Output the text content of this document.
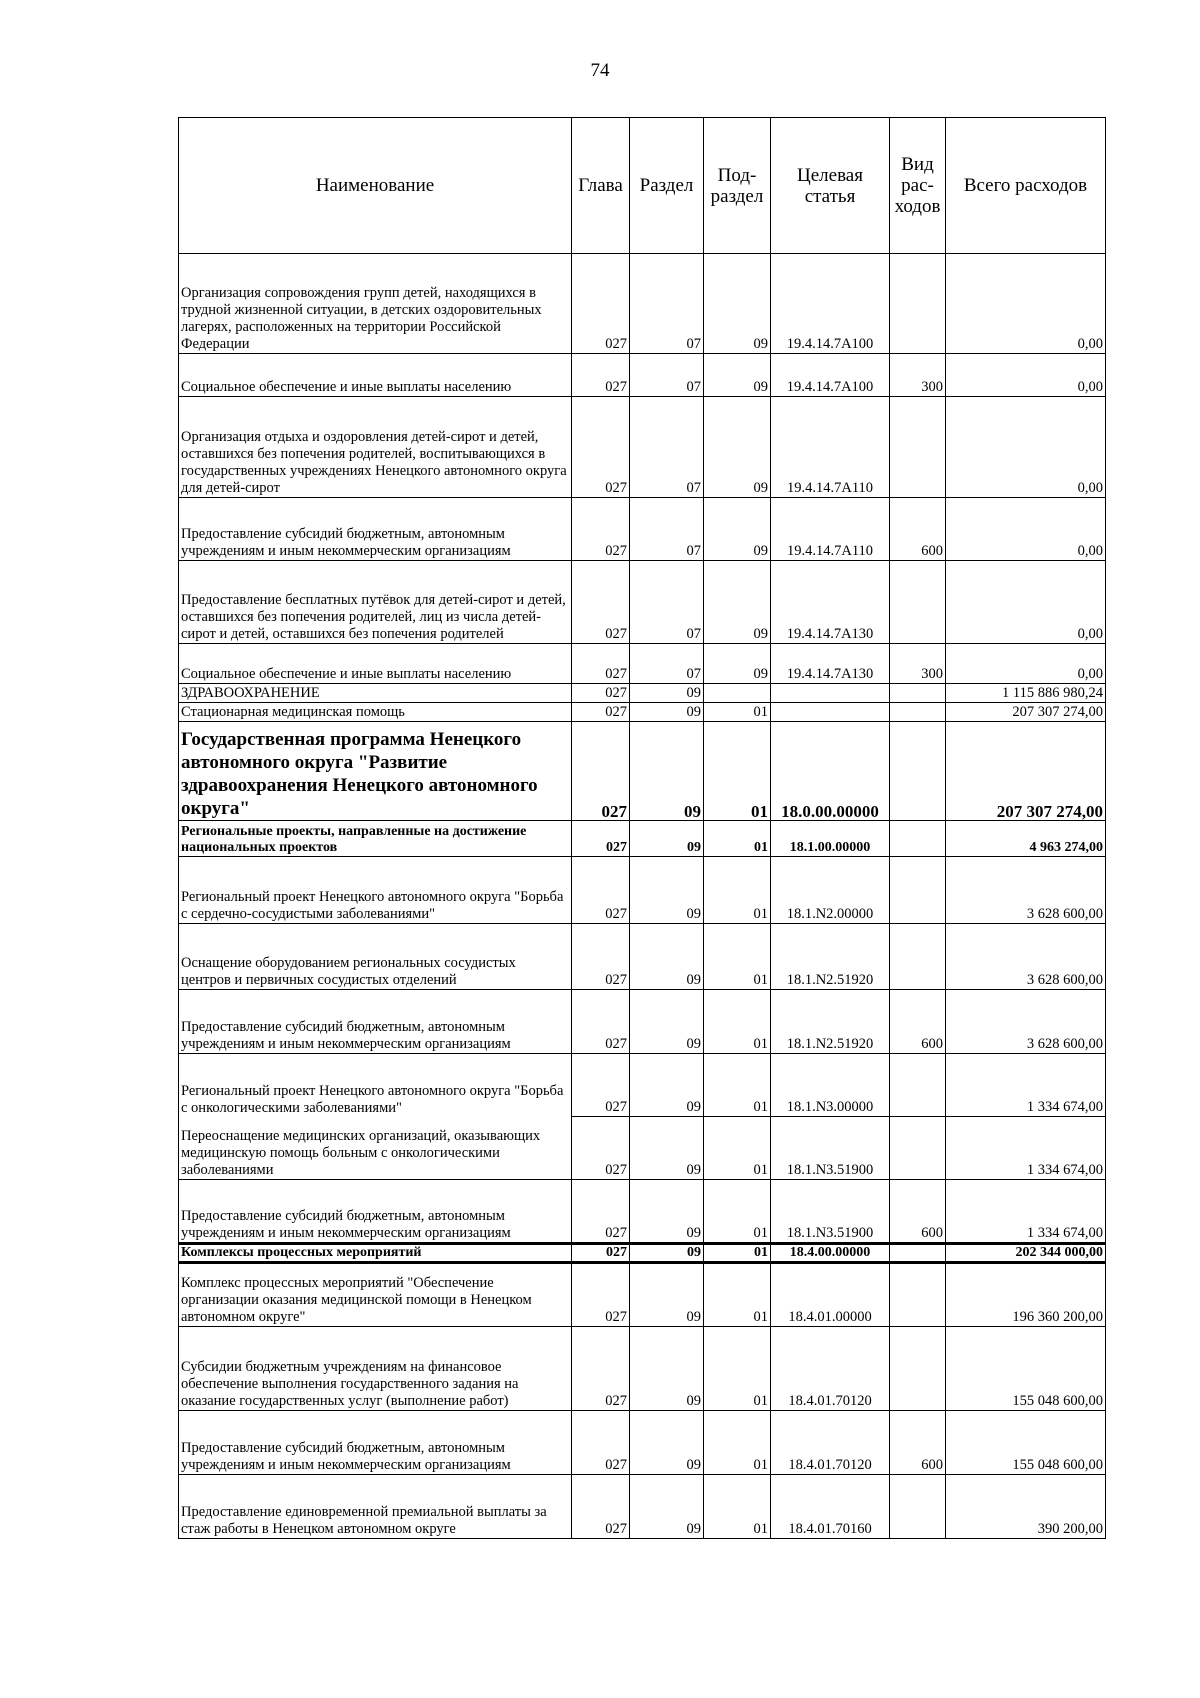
74
Наименование	Глава	Раздел	Под- раздел	Целевая статья	Вид рас- ходов	Всего расходов
Организация сопровождения групп детей, находящихся в трудной жизненной ситуации, в детских оздоровительных лагерях, расположенных на территории Российской Федерации	027	07	09	19.4.14.7А100		0,00
Социальное обеспечение и иные выплаты населению	027	07	09	19.4.14.7А100	300	0,00
Организация отдыха и оздоровления детей-сирот и детей, оставшихся без попечения родителей, воспитывающихся в государственных учреждениях Ненецкого автономного округа для детей-сирот	027	07	09	19.4.14.7А110		0,00
Предоставление субсидий бюджетным, автономным учреждениям и иным некоммерческим организациям	027	07	09	19.4.14.7А110	600	0,00
Предоставление бесплатных путёвок для детей-сирот и детей, оставшихся без попечения родителей, лиц из числа детей-сирот и детей, оставшихся без попечения родителей	027	07	09	19.4.14.7А130		0,00
Социальное обеспечение и иные выплаты населению	027	07	09	19.4.14.7А130	300	0,00
ЗДРАВООХРАНЕНИЕ	027	09				1 115 886 980,24
Стационарная медицинская помощь	027	09	01			207 307 274,00
Государственная программа Ненецкого автономного округа "Развитие здравоохранения Ненецкого автономного округа"	027	09	01	18.0.00.00000		207 307 274,00
Региональные проекты, направленные на достижение национальных проектов	027	09	01	18.1.00.00000		4 963 274,00
Региональный проект Ненецкого автономного округа "Борьба с сердечно-сосудистыми заболеваниями"	027	09	01	18.1.N2.00000		3 628 600,00
Оснащение оборудованием региональных сосудистых центров и первичных сосудистых отделений	027	09	01	18.1.N2.51920		3 628 600,00
Предоставление субсидий бюджетным, автономным учреждениям и иным некоммерческим организациям	027	09	01	18.1.N2.51920	600	3 628 600,00
Региональный проект Ненецкого автономного округа "Борьба с онкологическими заболеваниями"	027	09	01	18.1.N3.00000		1 334 674,00
Переоснащение медицинских организаций, оказывающих медицинскую помощь больным с онкологическими заболеваниями	027	09	01	18.1.N3.51900		1 334 674,00
Предоставление субсидий бюджетным, автономным учреждениям и иным некоммерческим организациям	027	09	01	18.1.N3.51900	600	1 334 674,00
Комплексы процессных мероприятий	027	09	01	18.4.00.00000		202 344 000,00
Комплекс процессных мероприятий "Обеспечение организации оказания медицинской помощи в Ненецком автономном округе"	027	09	01	18.4.01.00000		196 360 200,00
Субсидии бюджетным учреждениям на финансовое обеспечение выполнения государственного задания на оказание государственных услуг (выполнение работ)	027	09	01	18.4.01.70120		155 048 600,00
Предоставление субсидий бюджетным, автономным учреждениям и иным некоммерческим организациям	027	09	01	18.4.01.70120	600	155 048 600,00
Предоставление единовременной премиальной выплаты за стаж работы в Ненецком автономном округе	027	09	01	18.4.01.70160		390 200,00
